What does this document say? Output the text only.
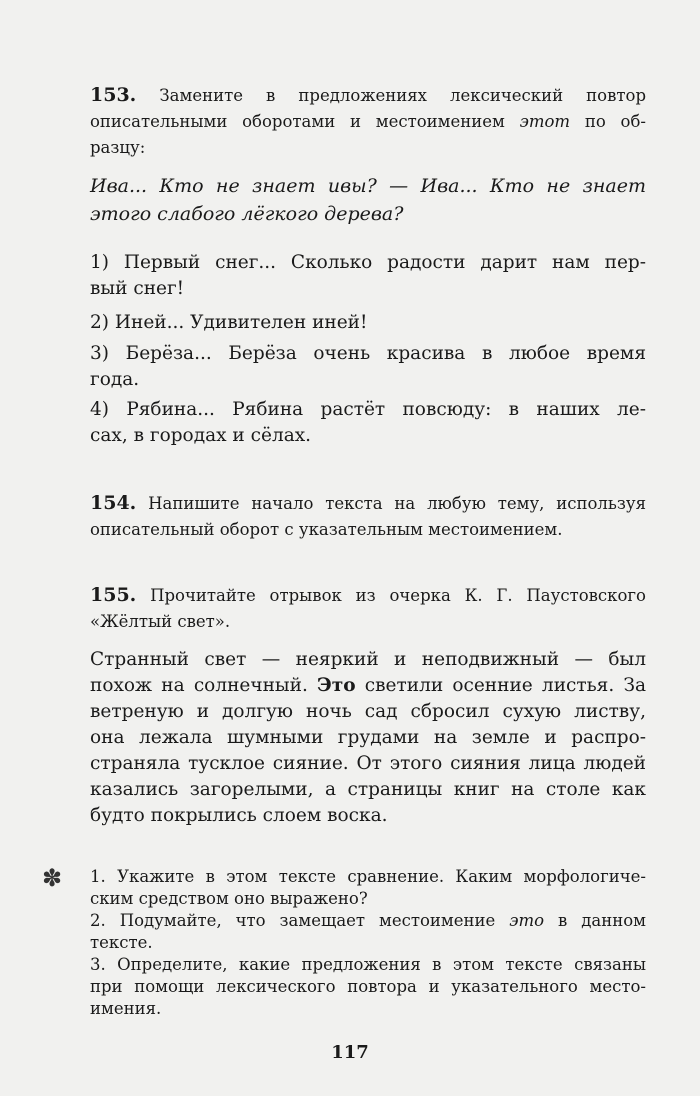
153. Замените в предложениях лексический повтор
описательными оборотами и местоимением этот по об-
разцу:
Ива... Кто не знает ивы? — Ива... Кто не знает
этого слабого лёгкого дерева?
1) Первый снег... Сколько радости дарит нам пер-
вый снег!
2) Иней... Удивителен иней!
3) Берёза... Берёза очень красива в любое время
года.
4) Рябина... Рябина растёт повсюду: в наших ле-
сах, в городах и сёлах.
154. Напишите начало текста на любую тему, используя
описательный оборот с указательным местоимением.
155. Прочитайте отрывок из очерка К. Г. Паустовского
«Жёлтый свет».
Странный свет — неяркий и неподвижный — был
похож на солнечный. Это светили осенние листья. За
ветреную и долгую ночь сад сбросил сухую листву,
она лежала шумными грудами на земле и распро-
страняла тусклое сияние. От этого сияния лица людей
казались загорелыми, а страницы книг на столе как
будто покрылись слоем воска.
✽ 1. Укажите в этом тексте сравнение. Каким морфологиче-
ским средством оно выражено?
2. Подумайте, что замещает местоимение это в данном
тексте.
3. Определите, какие предложения в этом тексте связаны
при помощи лексического повтора и указательного место-
имения.
117
